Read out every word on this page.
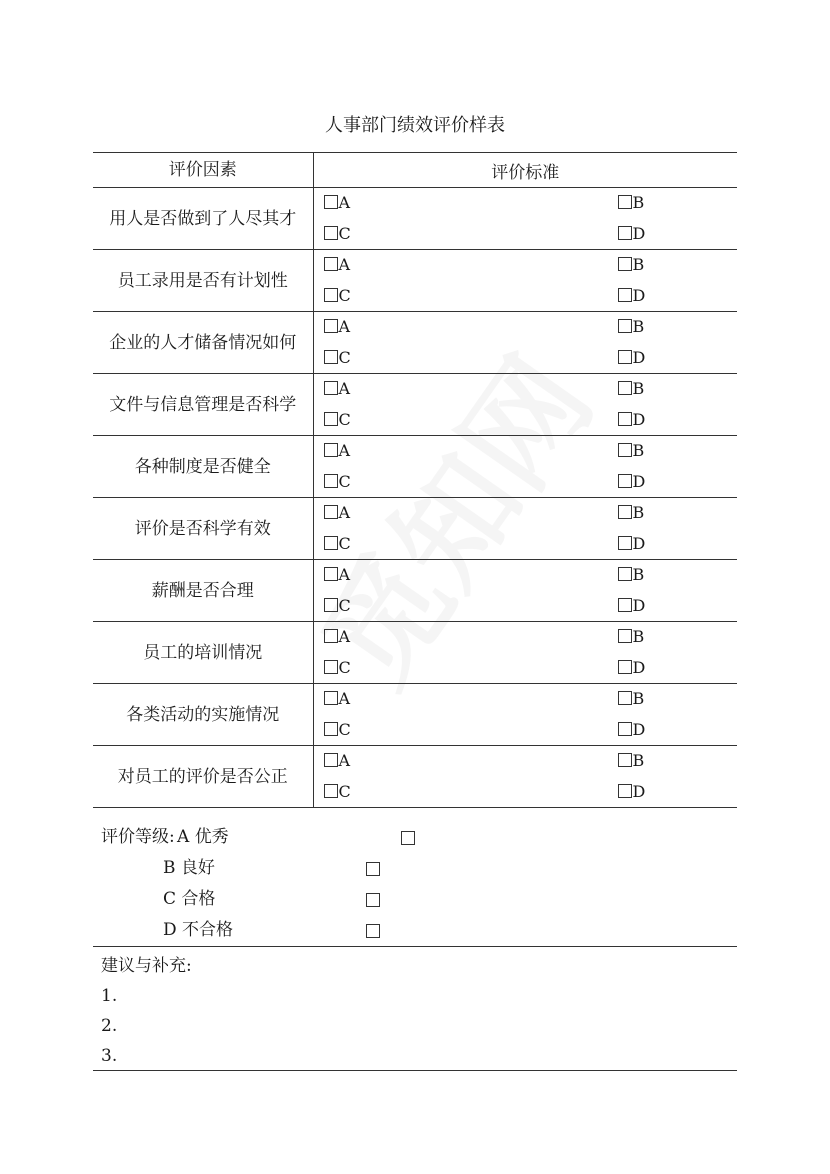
人事部门绩效评价样表
评价因素	评价标准
用人是否做到了人尽其才	A B
C D

员工录用是否有计划性	A B
C D

企业的人才储备情况如何	A B
C D

文件与信息管理是否科学	A B
C D

各种制度是否健全	A B
C D

评价是否科学有效	A B
C D

薪酬是否合理	A B
C D

员工的培训情况	A B
C D

各类活动的实施情况	A B
C D

对员工的评价是否公正	A B
C D
评价等级: A 优秀
B 良好
C 合格
D 不合格
建议与补充:
1.
2.
3.
